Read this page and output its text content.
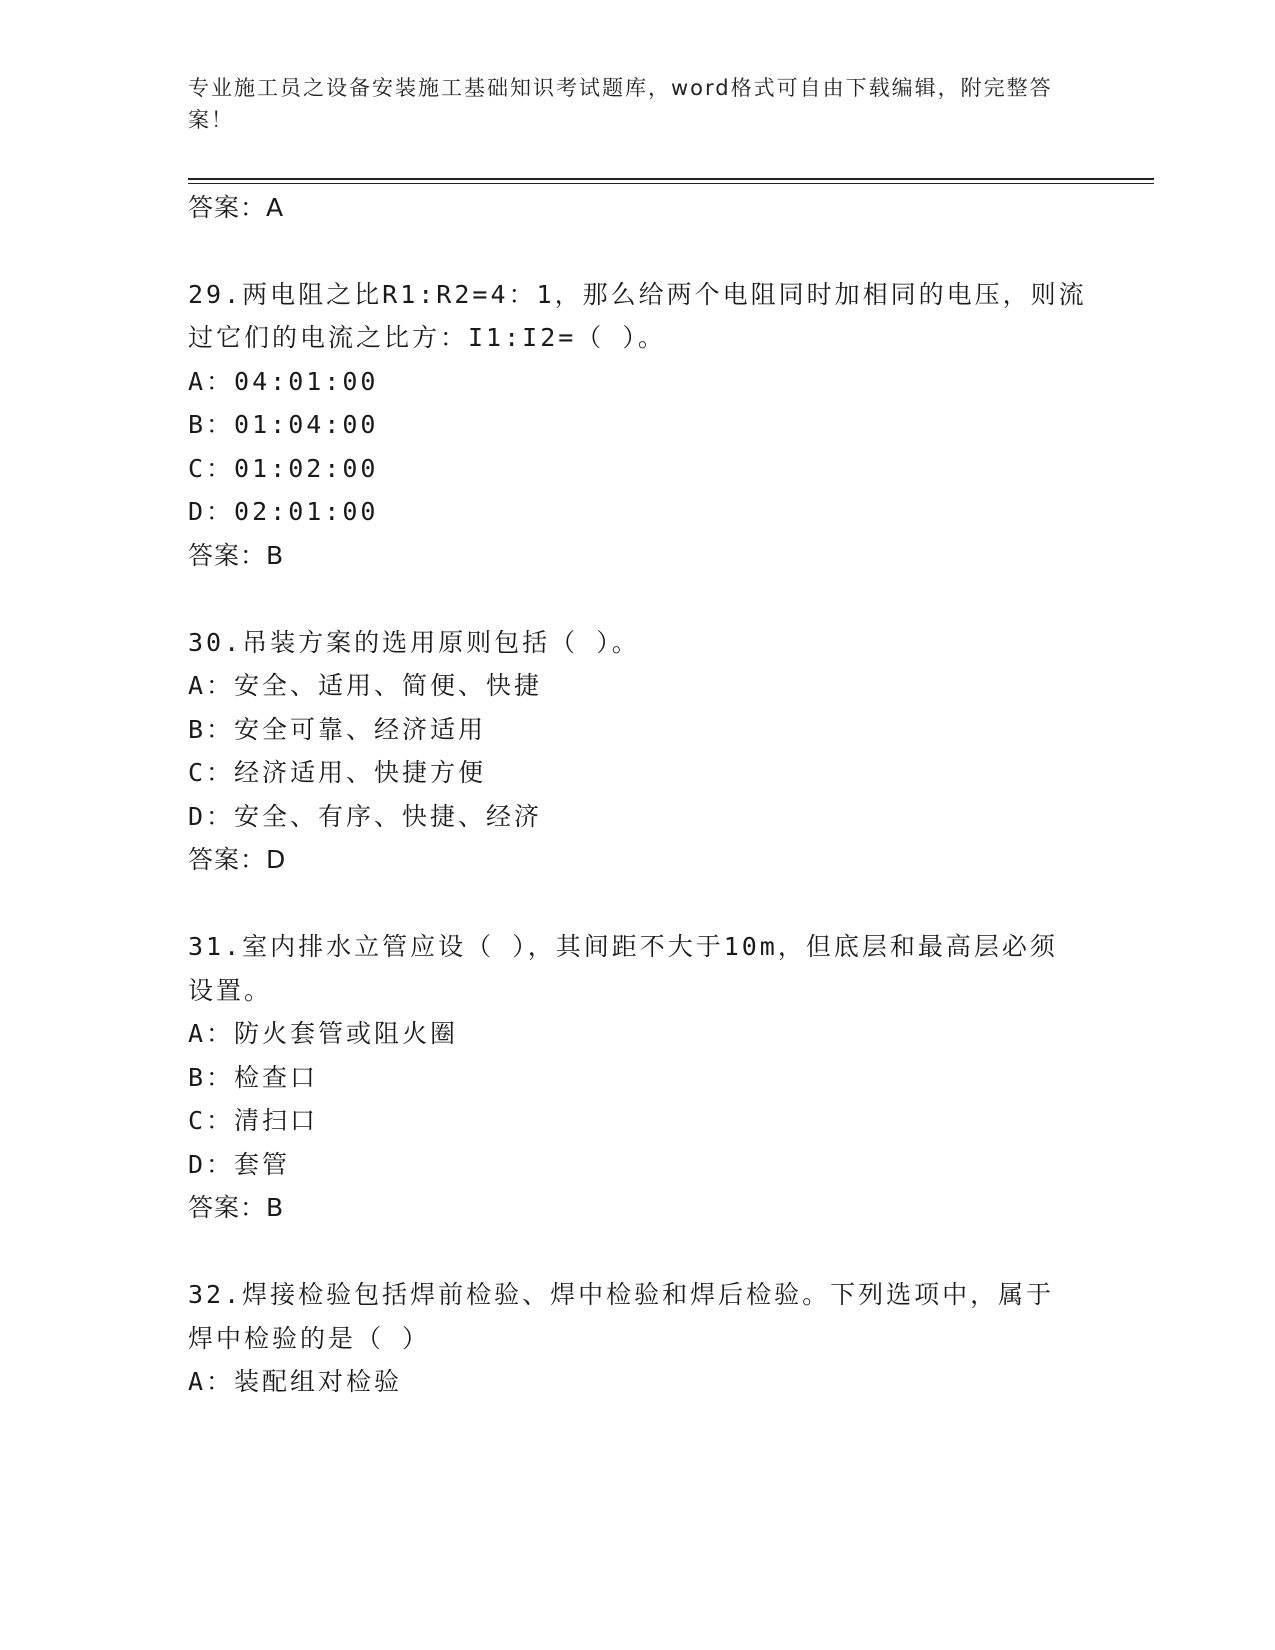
专业施工员之设备安装施工基础知识考试题库，word格式可自由下载编辑，附完整答案！
答案：A
29.两电阻之比R1:R2=4：1，那么给两个电阻同时加相同的电压，则流
过它们的电流之比方：I1:I2=（ ）。
A：04:01:00
B：01:04:00
C：01:02:00
D：02:01:00
答案：B
30.吊装方案的选用原则包括（ ）。
A：安全、适用、简便、快捷
B：安全可靠、经济适用
C：经济适用、快捷方便
D：安全、有序、快捷、经济
答案：D
31.室内排水立管应设（ ），其间距不大于10m，但底层和最高层必须
设置。
A：防火套管或阻火圈
B：检查口
C：清扫口
D：套管
答案：B
32.焊接检验包括焊前检验、焊中检验和焊后检验。下列选项中，属于
焊中检验的是（ ）
A：装配组对检验
